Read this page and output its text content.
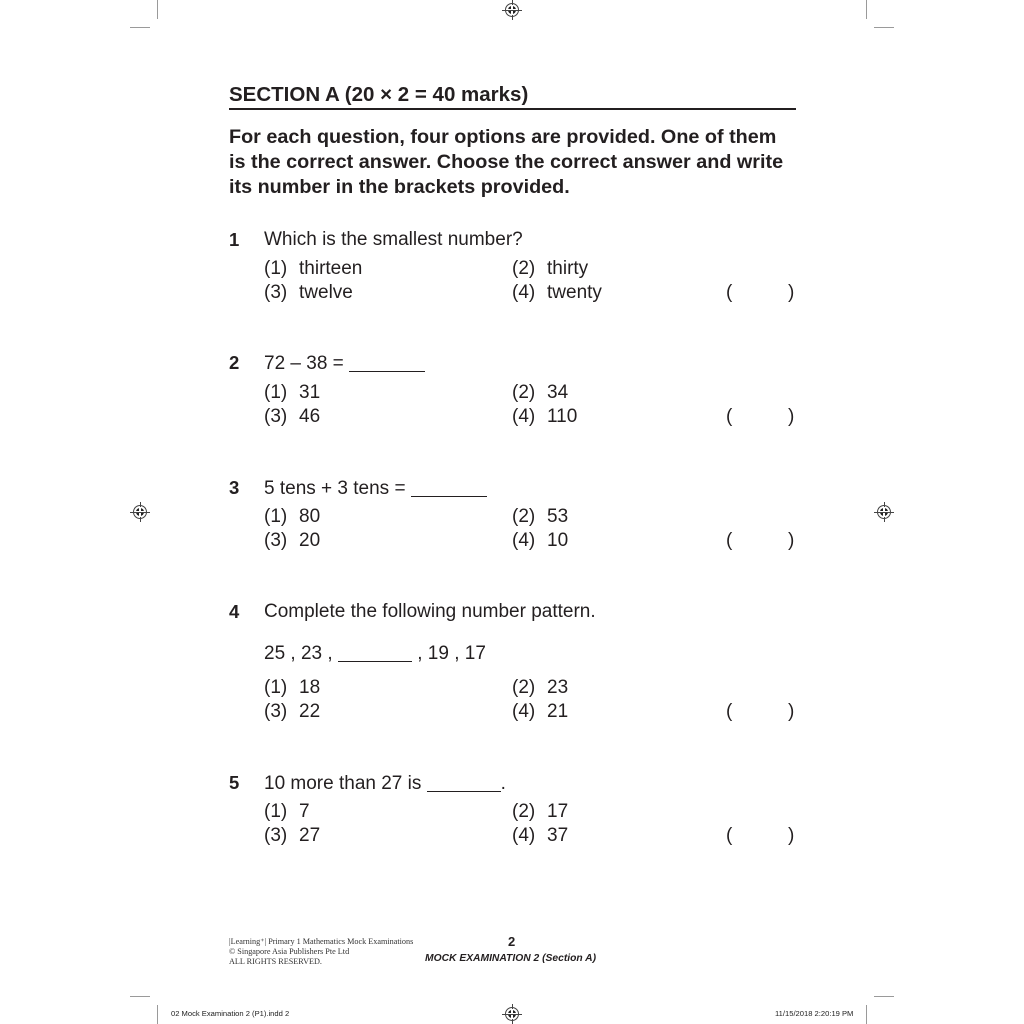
SECTION A (20 × 2 = 40 marks)
For each question, four options are provided. One of them
is the correct answer. Choose the correct answer and write
its number in the brackets provided.
1 Which is the smallest number?
(1) thirteen	(2) thirty
(3) twelve	(4) twenty	(	)
2 72 – 38 =
(1) 31	(2) 34
(3) 46	(4) 110	(	)
3 5 tens + 3 tens =
(1) 80	(2) 53
(3) 20	(4) 10	(	)
4 Complete the following number pattern.
25 , 23 ,	, 19 , 17
(1) 18	(2) 23
(3) 22	(4) 21	(	)
5 10 more than 27 is	.
(1) 7	(2) 17
(3) 27	(4) 37	(	)
|Learning⁺| Primary 1 Mathematics Mock Examinations
© Singapore Asia Publishers Pte Ltd
ALL RIGHTS RESERVED.
2
MOCK EXAMINATION 2 (Section A)
02 Mock Examination 2 (P1).indd 2	11/15/2018 2:20:19 PM
